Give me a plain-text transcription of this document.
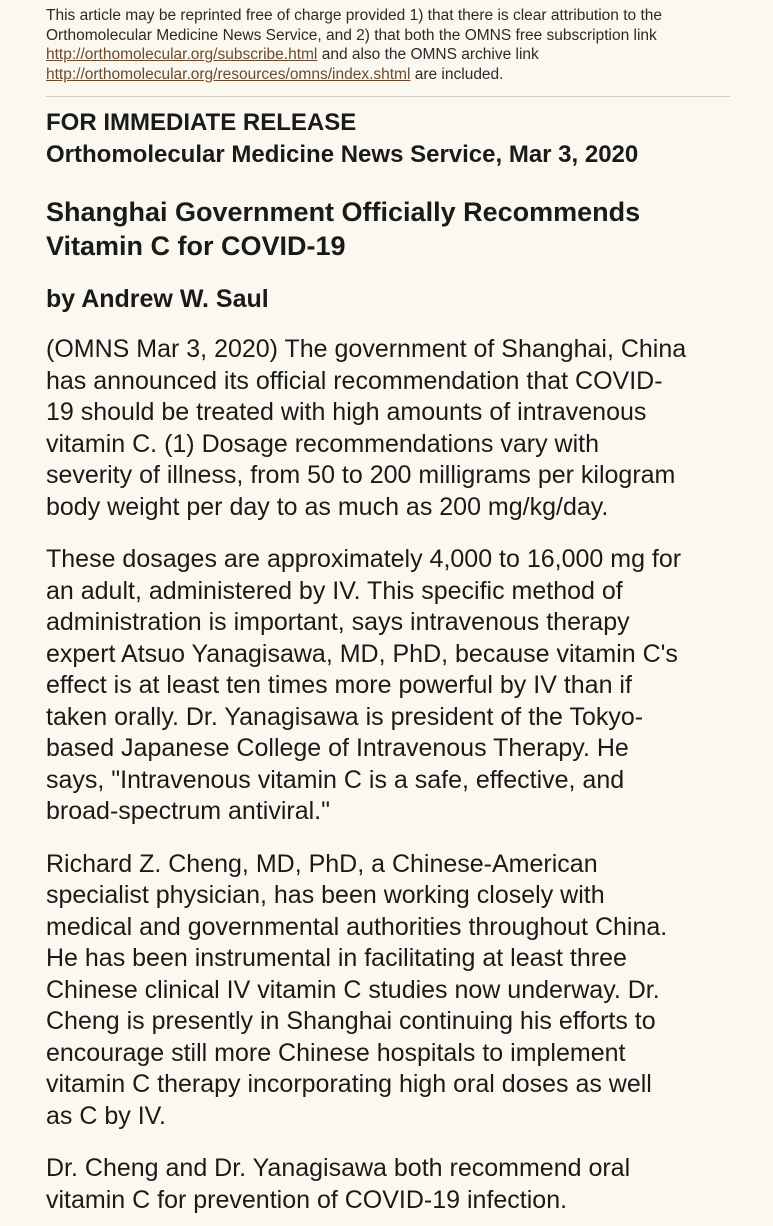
This article may be reprinted free of charge provided 1) that there is clear attribution to the
Orthomolecular Medicine News Service, and 2) that both the OMNS free subscription link
http://orthomolecular.org/subscribe.html and also the OMNS archive link
http://orthomolecular.org/resources/omns/index.shtml are included.
FOR IMMEDIATE RELEASE
Orthomolecular Medicine News Service, Mar 3, 2020
Shanghai Government Officially Recommends
Vitamin C for COVID-19
by Andrew W. Saul
(OMNS Mar 3, 2020) The government of Shanghai, China
has announced its official recommendation that COVID-
19 should be treated with high amounts of intravenous
vitamin C. (1) Dosage recommendations vary with
severity of illness, from 50 to 200 milligrams per kilogram
body weight per day to as much as 200 mg/kg/day.
These dosages are approximately 4,000 to 16,000 mg for
an adult, administered by IV. This specific method of
administration is important, says intravenous therapy
expert Atsuo Yanagisawa, MD, PhD, because vitamin C's
effect is at least ten times more powerful by IV than if
taken orally. Dr. Yanagisawa is president of the Tokyo-
based Japanese College of Intravenous Therapy. He
says, "Intravenous vitamin C is a safe, effective, and
broad-spectrum antiviral."
Richard Z. Cheng, MD, PhD, a Chinese-American
specialist physician, has been working closely with
medical and governmental authorities throughout China.
He has been instrumental in facilitating at least three
Chinese clinical IV vitamin C studies now underway. Dr.
Cheng is presently in Shanghai continuing his efforts to
encourage still more Chinese hospitals to implement
vitamin C therapy incorporating high oral doses as well
as C by IV.
Dr. Cheng and Dr. Yanagisawa both recommend oral
vitamin C for prevention of COVID-19 infection.
